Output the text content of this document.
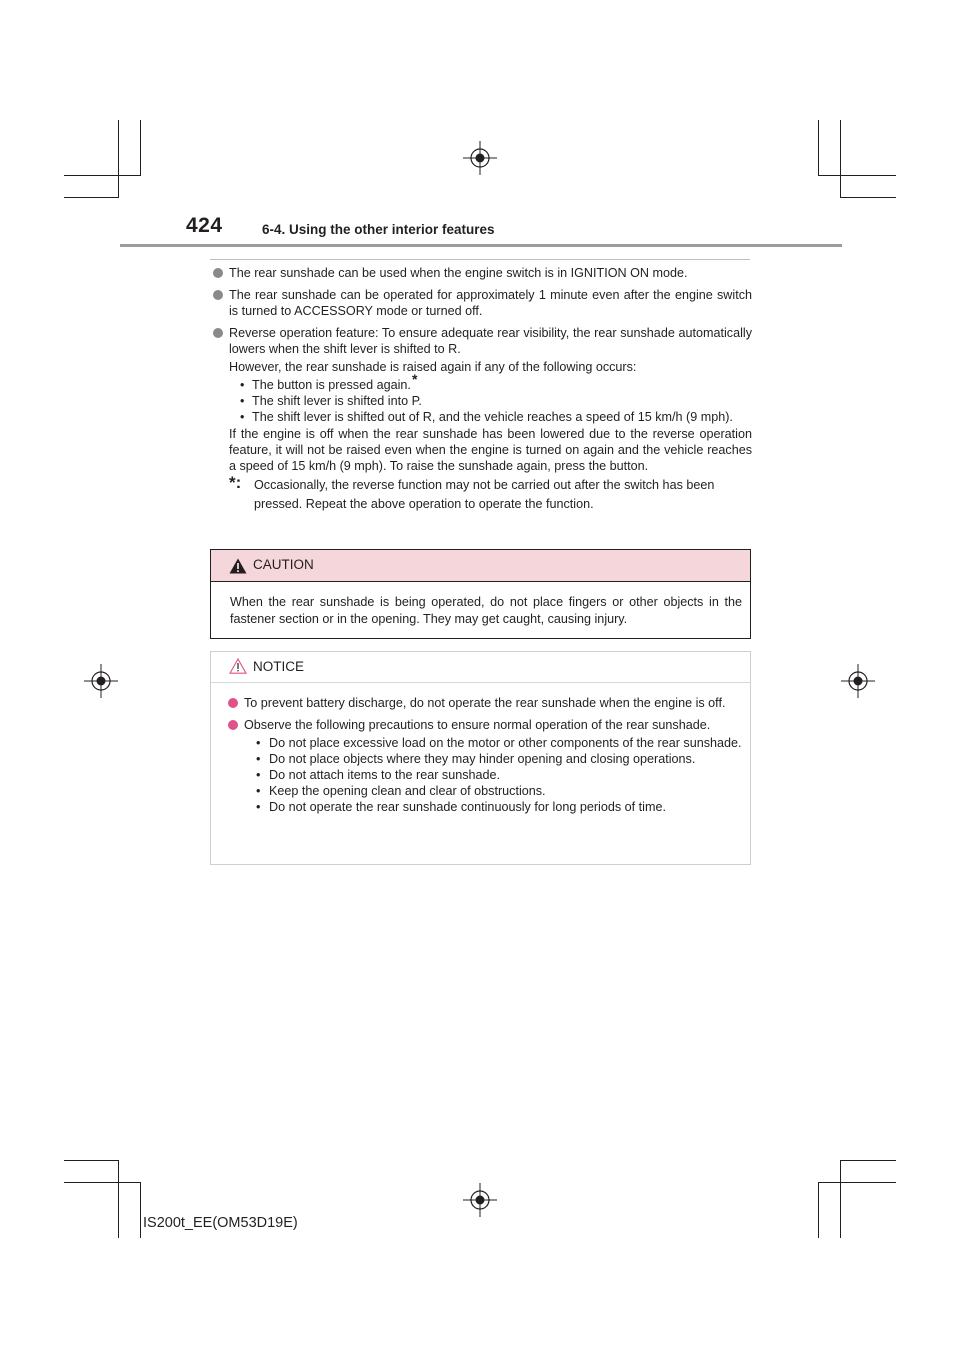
424	6-4. Using the other interior features
The rear sunshade can be used when the engine switch is in IGNITION ON mode.
The rear sunshade can be operated for approximately 1 minute even after the engine switch is turned to ACCESSORY mode or turned off.
Reverse operation feature: To ensure adequate rear visibility, the rear sunshade automatically lowers when the shift lever is shifted to R.
However, the rear sunshade is raised again if any of the following occurs:
• The button is pressed again.*
• The shift lever is shifted into P.
• The shift lever is shifted out of R, and the vehicle reaches a speed of 15 km/h (9 mph).
If the engine is off when the rear sunshade has been lowered due to the reverse operation feature, it will not be raised even when the engine is turned on again and the vehicle reaches a speed of 15 km/h (9 mph). To raise the sunshade again, press the button.
*: Occasionally, the reverse function may not be carried out after the switch has been pressed. Repeat the above operation to operate the function.
CAUTION
When the rear sunshade is being operated, do not place fingers or other objects in the fastener section or in the opening. They may get caught, causing injury.
NOTICE
To prevent battery discharge, do not operate the rear sunshade when the engine is off.
Observe the following precautions to ensure normal operation of the rear sunshade.
• Do not place excessive load on the motor or other components of the rear sunshade.
• Do not place objects where they may hinder opening and closing operations.
• Do not attach items to the rear sunshade.
• Keep the opening clean and clear of obstructions.
• Do not operate the rear sunshade continuously for long periods of time.
IS200t_EE(OM53D19E)
